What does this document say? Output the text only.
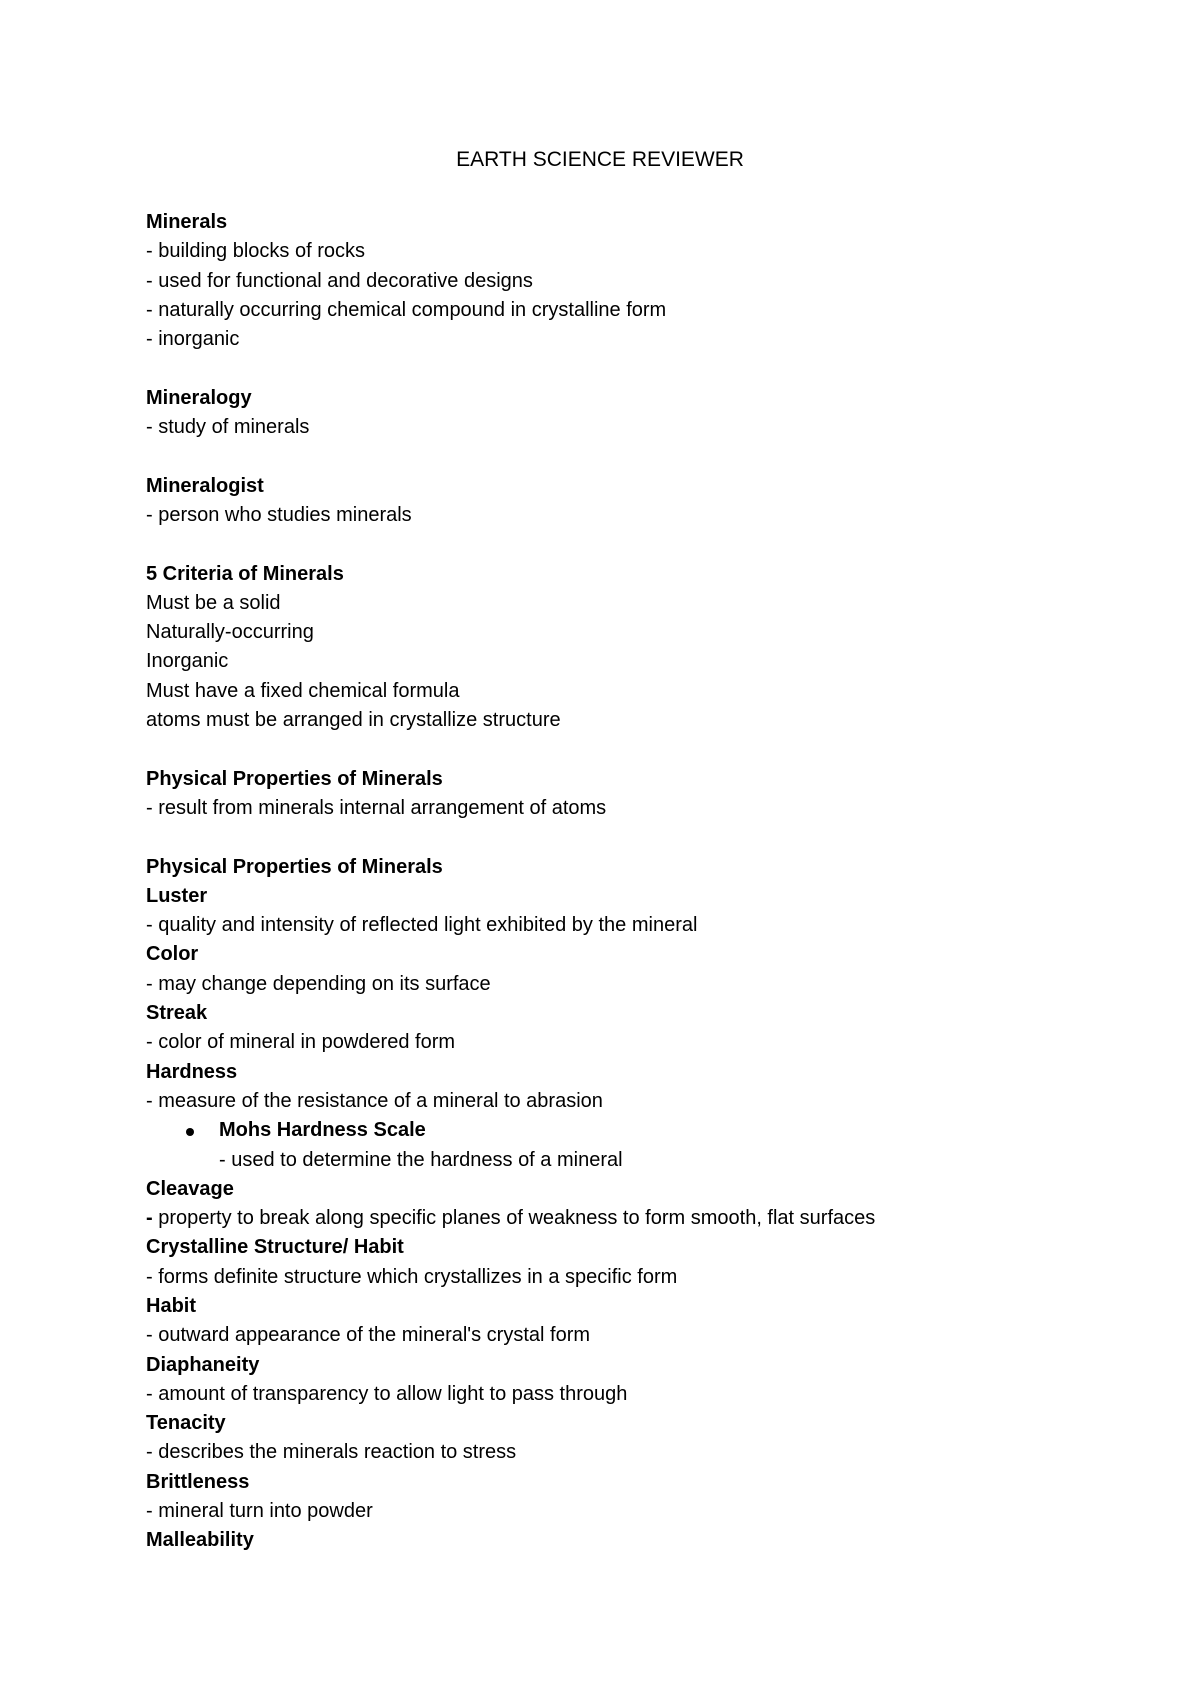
EARTH SCIENCE REVIEWER
Minerals
- building blocks of rocks
- used for functional and decorative designs
- naturally occurring chemical compound in crystalline form
- inorganic
Mineralogy
- study of minerals
Mineralogist
- person who studies minerals
5 Criteria of Minerals
Must be a solid
Naturally-occurring
Inorganic
Must have a fixed chemical formula
atoms must be arranged in crystallize structure
Physical Properties of Minerals
- result from minerals internal arrangement of atoms
Physical Properties of Minerals
Luster
- quality and intensity of reflected light exhibited by the mineral
Color
- may change depending on its surface
Streak
- color of mineral in powdered form
Hardness
- measure of the resistance of a mineral to abrasion
Mohs Hardness Scale
- used to determine the hardness of a mineral
Cleavage
- property to break along specific planes of weakness to form smooth, flat surfaces
Crystalline Structure/ Habit
- forms definite structure which crystallizes in a specific form
Habit
- outward appearance of the mineral's crystal form
Diaphaneity
- amount of transparency to allow light to pass through
Tenacity
- describes the minerals reaction to stress
Brittleness
- mineral turn into powder
Malleability
